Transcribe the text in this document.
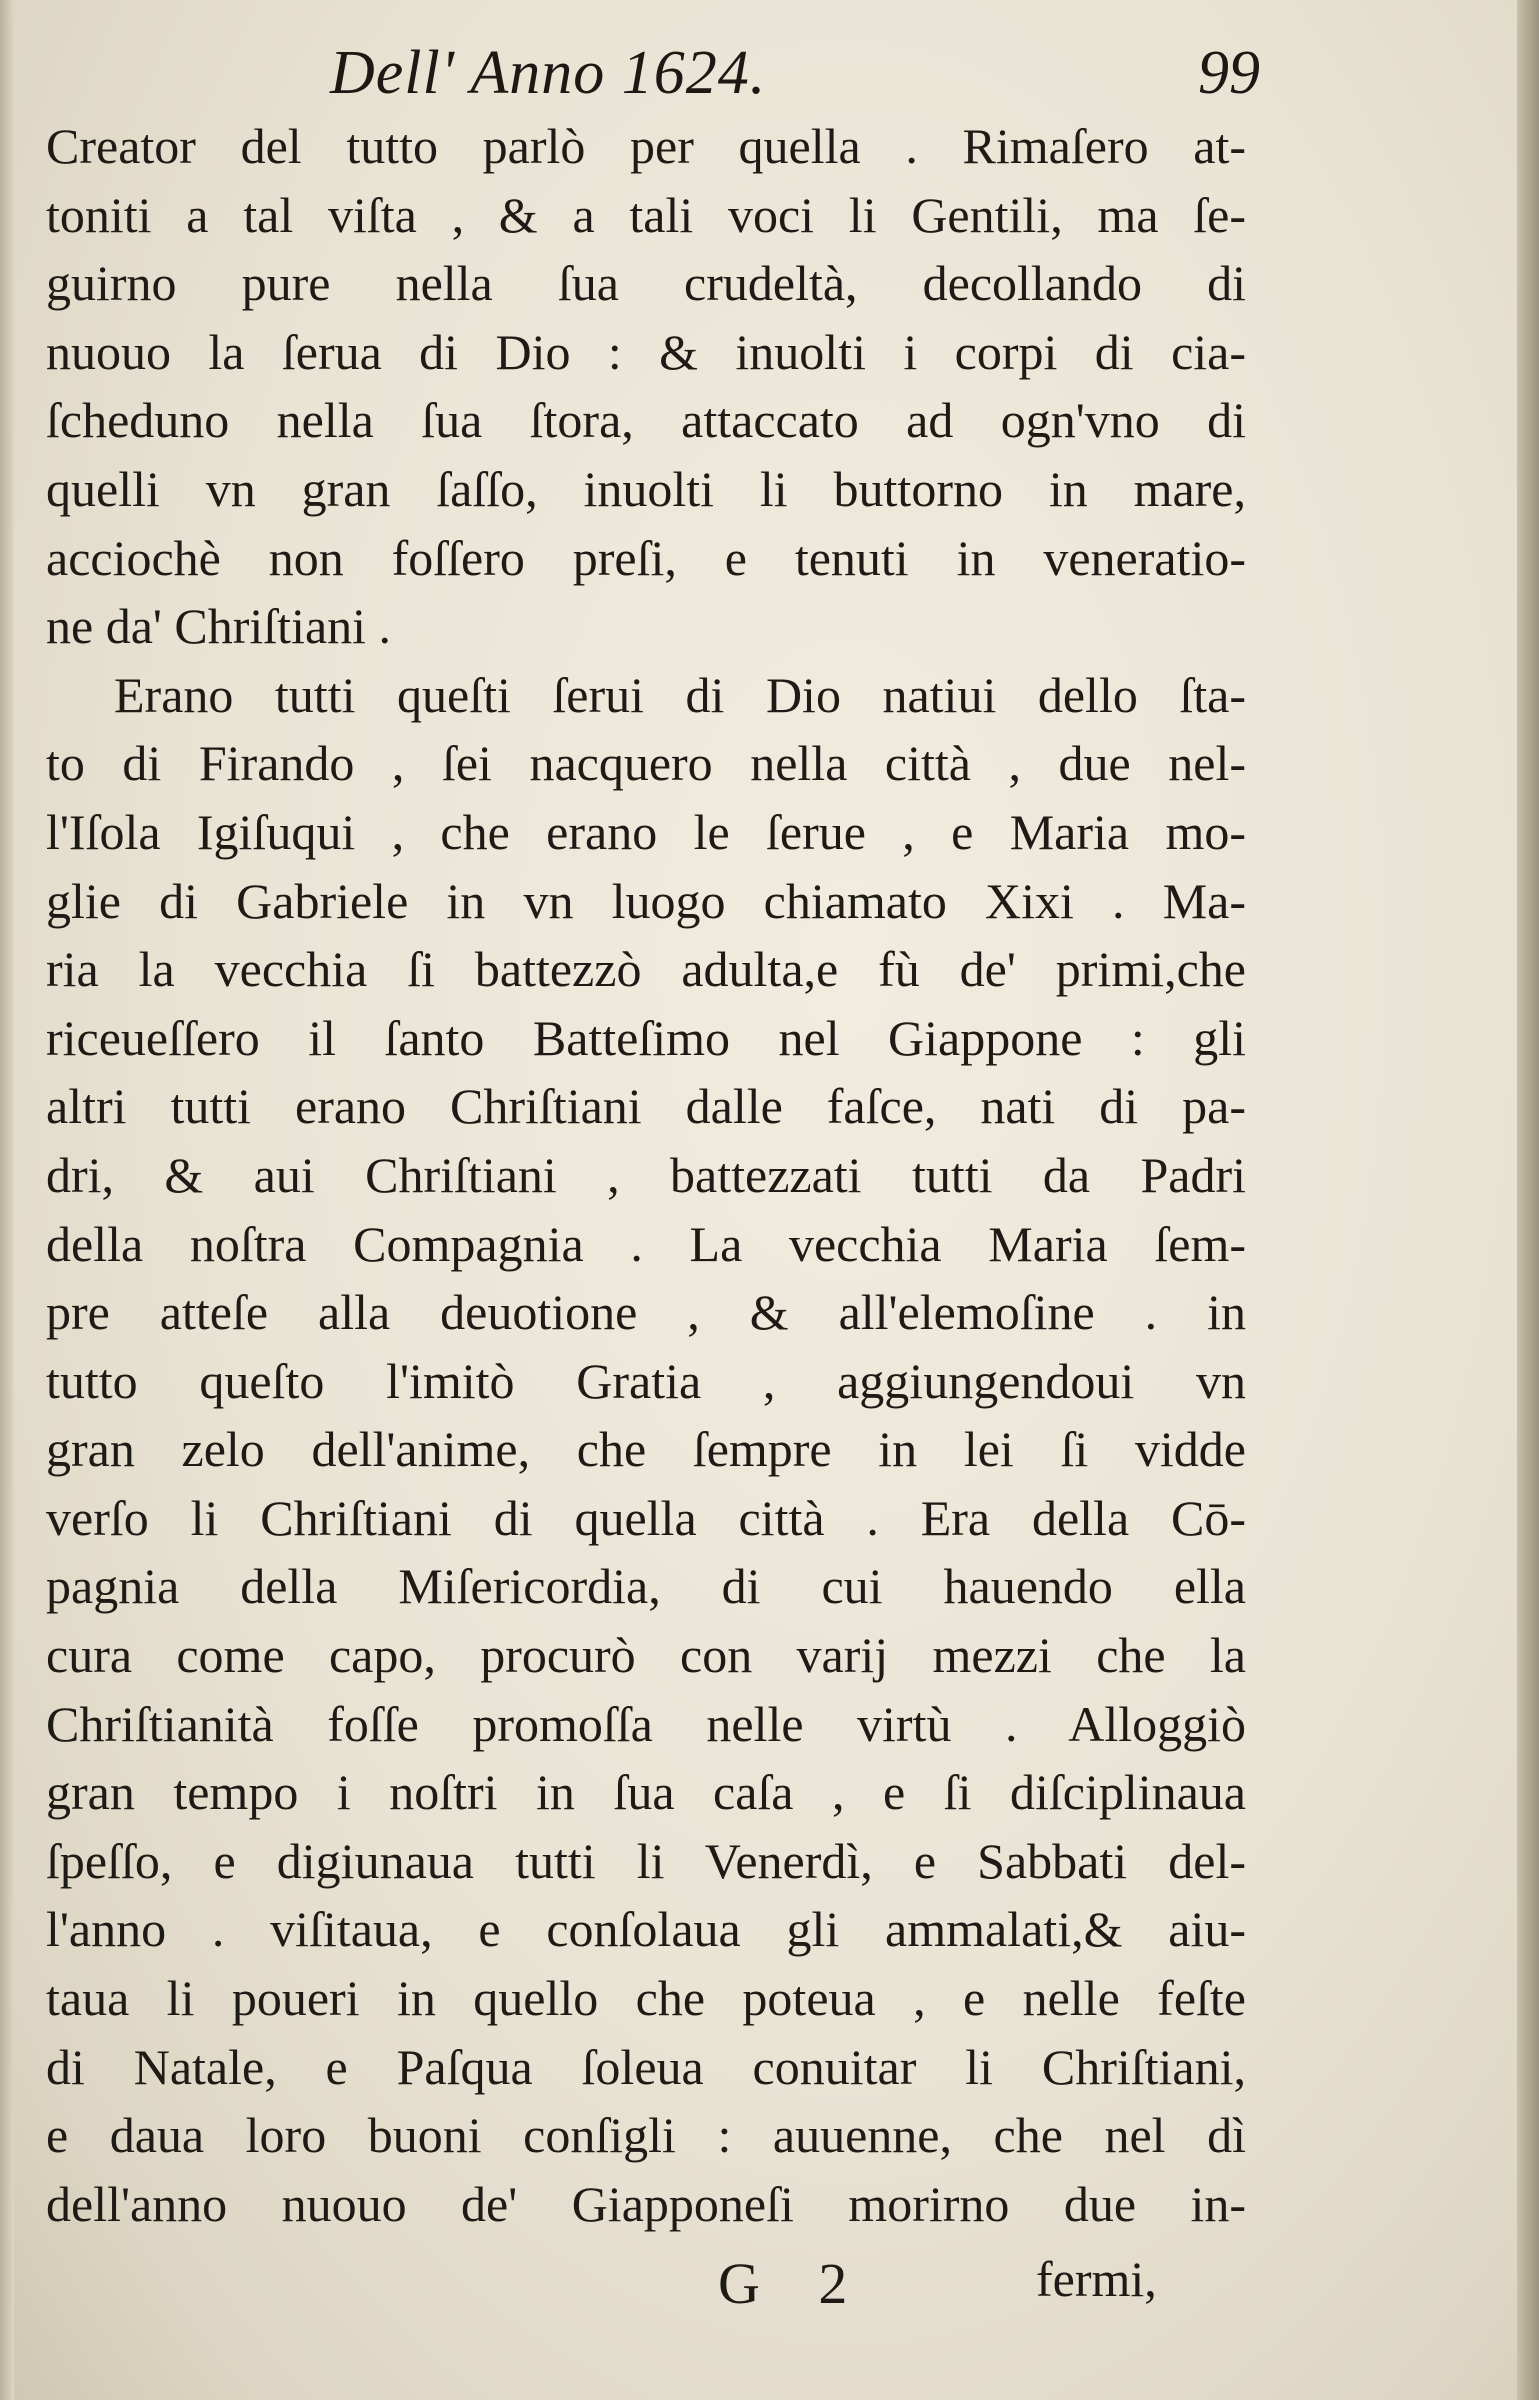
Dell' Anno 1624.	99
Creator del tutto parlò per quella . Rimaſero at-
toniti a tal viſta , & a tali voci li Gentili, ma ſe-
guirno pure nella ſua crudeltà, decollando di
nuouo la ſerua di Dio : & inuolti i corpi di cia-
ſcheduno nella ſua ſtora, attaccato ad ogn'vno di
quelli vn gran ſaſſo, inuolti li buttorno in mare,
acciochè non foſſero preſi, e tenuti in veneratio-
ne da' Chriſtiani .
Erano tutti queſti ſerui di Dio natiui dello ſta-
to di Firando , ſei nacquero nella città , due nel-
l'Iſola Igiſuqui , che erano le ſerue , e Maria mo-
glie di Gabriele in vn luogo chiamato Xixi . Ma-
ria la vecchia ſi battezzò adulta,e fù de' primi,che
riceueſſero il ſanto Batteſimo nel Giappone : gli
altri tutti erano Chriſtiani dalle faſce, nati di pa-
dri, & aui Chriſtiani , battezzati tutti da Padri
della noſtra Compagnia . La vecchia Maria ſem-
pre atteſe alla deuotione , & all'elemoſine . in
tutto queſto l'imitò Gratia , aggiungendoui vn
gran zelo dell'anime, che ſempre in lei ſi vidde
verſo li Chriſtiani di quella città . Era della Cō-
pagnia della Miſericordia, di cui hauendo ella
cura come capo, procurò con varij mezzi che la
Chriſtianità foſſe promoſſa nelle virtù . Alloggiò
gran tempo i noſtri in ſua caſa , e ſi diſciplinaua
ſpeſſo, e digiunaua tutti li Venerdì, e Sabbati del-
l'anno . viſitaua, e conſolaua gli ammalati,& aiu-
taua li poueri in quello che poteua , e nelle feſte
di Natale, e Paſqua ſoleua conuitar li Chriſtiani,
e daua loro buoni conſigli : auuenne, che nel dì
dell'anno nuouo de' Giapponeſi morirno due in-
G 2	fermi,
